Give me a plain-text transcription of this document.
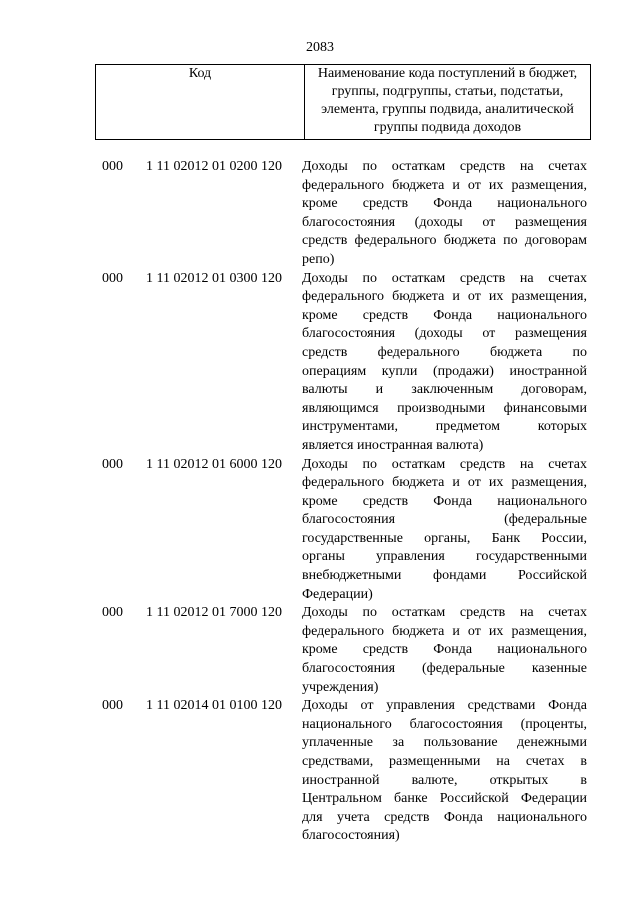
2083
Код	Наименование кода поступлений в бюджет, группы, подгруппы, статьи, подстатьи, элемента, группы подвида, аналитической группы подвида доходов
000 1 11 02012 01 0200 120 Доходы по остаткам средств на счетах
федерального бюджета и от их размещения,
кроме средств Фонда национального
благосостояния (доходы от размещения
средств федерального бюджета по договорам
репо)
000 1 11 02012 01 0300 120 Доходы по остаткам средств на счетах
федерального бюджета и от их размещения,
кроме средств Фонда национального
благосостояния (доходы от размещения
средств федерального бюджета по
операциям купли (продажи) иностранной
валюты и заключенным договорам,
являющимся производными финансовыми
инструментами, предметом которых
является иностранная валюта)
000 1 11 02012 01 6000 120 Доходы по остаткам средств на счетах
федерального бюджета и от их размещения,
кроме средств Фонда национального
благосостояния (федеральные
государственные органы, Банк России,
органы управления государственными
внебюджетными фондами Российской
Федерации)
000 1 11 02012 01 7000 120 Доходы по остаткам средств на счетах
федерального бюджета и от их размещения,
кроме средств Фонда национального
благосостояния (федеральные казенные
учреждения)
000 1 11 02014 01 0100 120 Доходы от управления средствами Фонда
национального благосостояния (проценты,
уплаченные за пользование денежными
средствами, размещенными на счетах в
иностранной валюте, открытых в
Центральном банке Российской Федерации
для учета средств Фонда национального
благосостояния)
